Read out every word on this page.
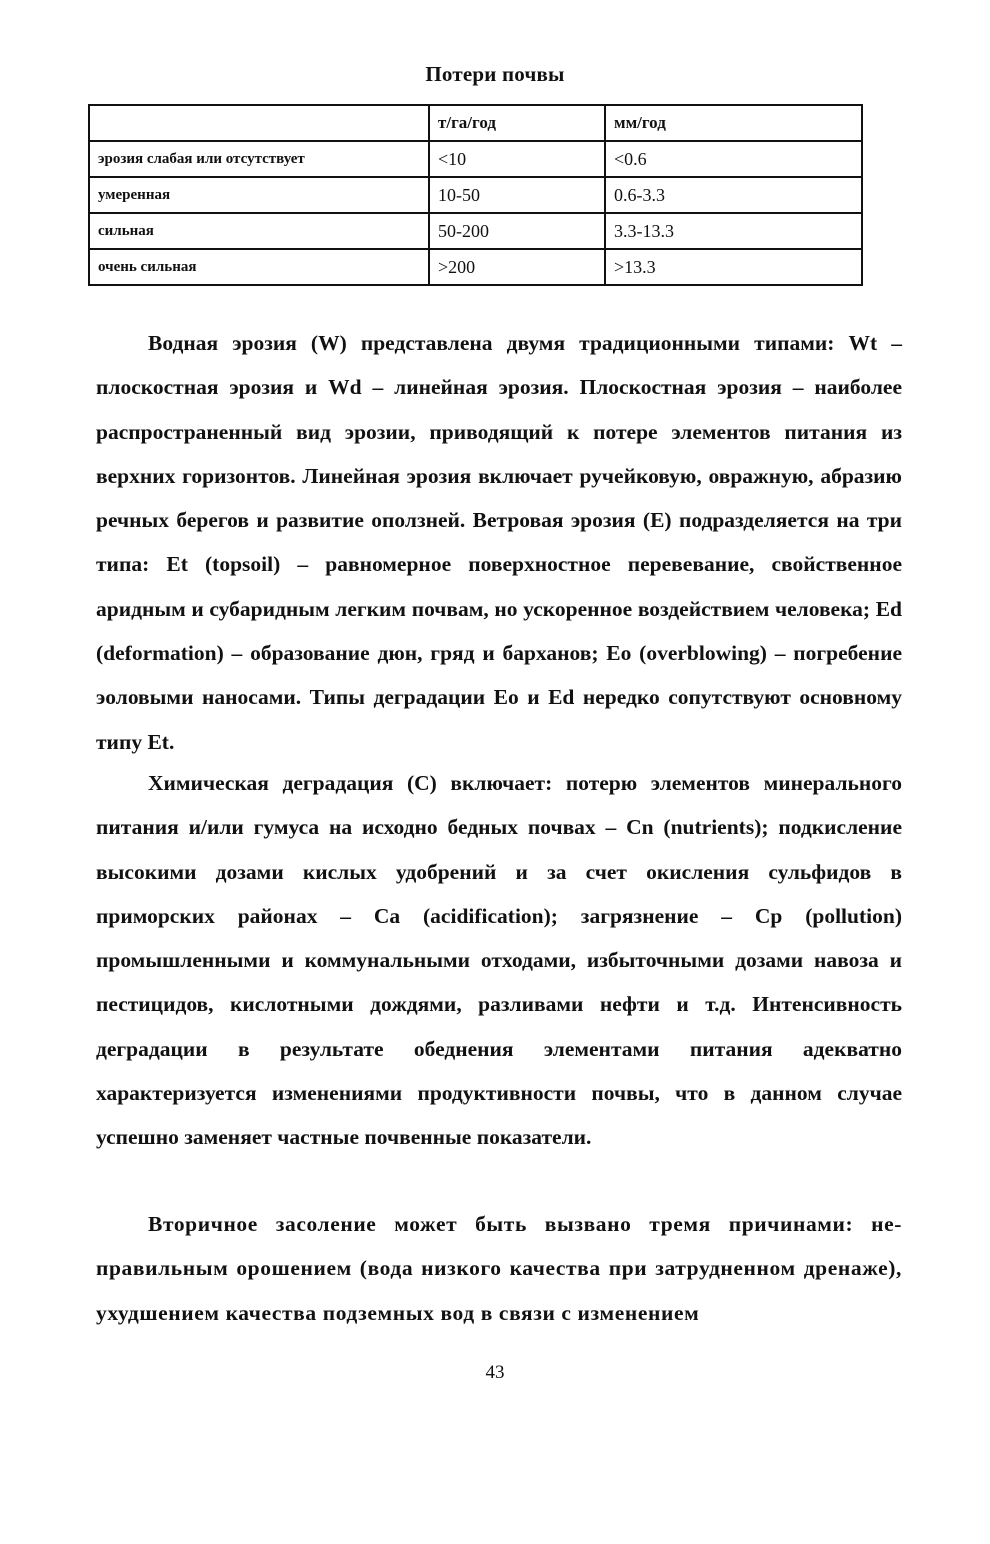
Потери почвы
	т/га/год	мм/год
эрозия слабая или отсутствует	<10	<0.6
умеренная	10-50	0.6-3.3
сильная	50-200	3.3-13.3
очень сильная	>200	>13.3

Водная эрозия (W) представлена двумя традиционными типами: Wt – плоскостная эрозия и Wd – линейная эрозия. Плоскостная эрозия – наиболее распространенный вид эрозии, приводящий к потере элементов питания из верхних горизонтов. Линейная эрозия включает ручейковую, овражную, абразию речных берегов и развитие оползней. Ветровая эрозия (Е) подразделяется на три типа: Et (topsoil) – равномерное поверхностное перевевание, свойственное аридным и субаридным легким почвам, но ускоренное воздействием человека; Ed (deformation) – образование дюн, гряд и барханов; Eo (overblowing) – погребение эоловыми наносами. Типы деградации Eo и Ed нередко сопутствуют основному типу Et.

Химическая деградация (С) включает: потерю элементов минерального питания и/или гумуса на исходно бедных почвах – Cn (nutrients); подкисление высокими дозами кислых удобрений и за счет окисления сульфидов в приморских районах – Ca (acidification); загрязнение – Cp (pollution) промышленными и коммунальными отходами, избыточными дозами навоза и пестицидов, кислотными дождями, разливами нефти и т.д. Интенсивность деградации в результате обеднения элементами питания адекватно характеризуется изменениями продуктивности почвы, что в данном случае успешно заменяет частные почвенные показатели.

Вторичное засоление может быть вызвано тремя причинами: не-правильным орошением (вода низкого качества при затрудненном дренаже), ухудшением качества подземных вод в связи с изменением

43
